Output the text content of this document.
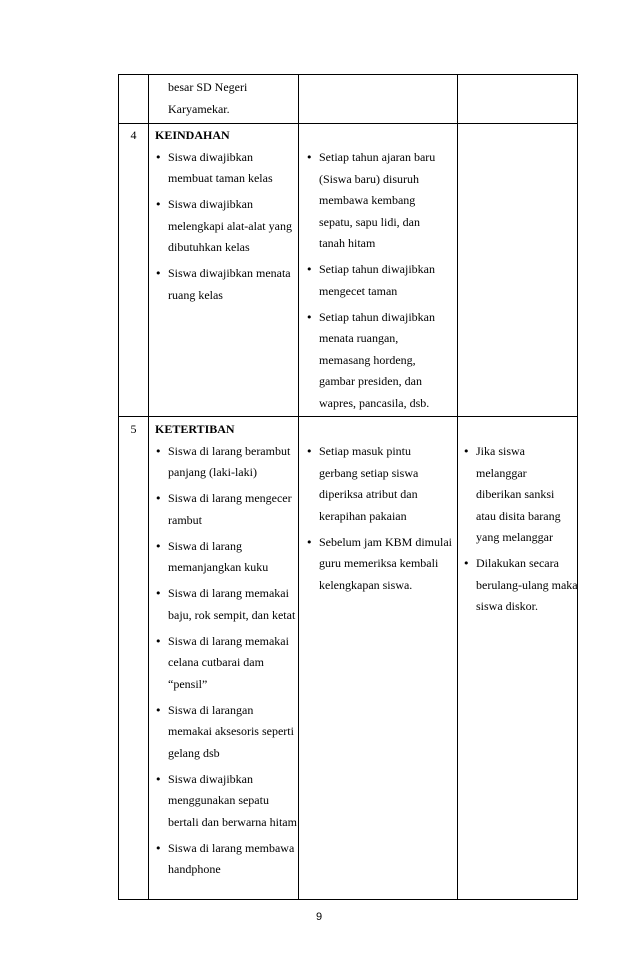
besar SD Negeri Karyamekar.
4	KEINDAHAN
• Siswa diwajibkan membuat taman kelas
• Siswa diwajibkan melengkapi alat-alat yang dibutuhkan kelas
• Siswa diwajibkan menata ruang kelas
• Setiap tahun ajaran baru (Siswa baru) disuruh membawa kembang sepatu, sapu lidi, dan tanah hitam
• Setiap tahun diwajibkan mengecet taman
• Setiap tahun diwajibkan menata ruangan, memasang hordeng, gambar presiden, dan wapres, pancasila, dsb.
5	KETERTIBAN
• Siswa di larang berambut panjang (laki-laki)
• Siswa di larang mengecer rambut
• Siswa di larang memanjangkan kuku
• Siswa di larang memakai baju, rok sempit, dan ketat
• Siswa di larang memakai celana cutbarai dam “pensil”
• Siswa di larangan memakai aksesoris seperti gelang dsb
• Siswa diwajibkan menggunakan sepatu bertali dan berwarna hitam
• Siswa di larang membawa handphone
• Setiap masuk pintu gerbang setiap siswa diperiksa atribut dan kerapihan pakaian
• Sebelum jam KBM dimulai guru memeriksa kembali kelengkapan siswa.
• Jika siswa melanggar diberikan sanksi atau disita barang yang melanggar
• Dilakukan secara berulang-ulang maka siswa diskor.
9
